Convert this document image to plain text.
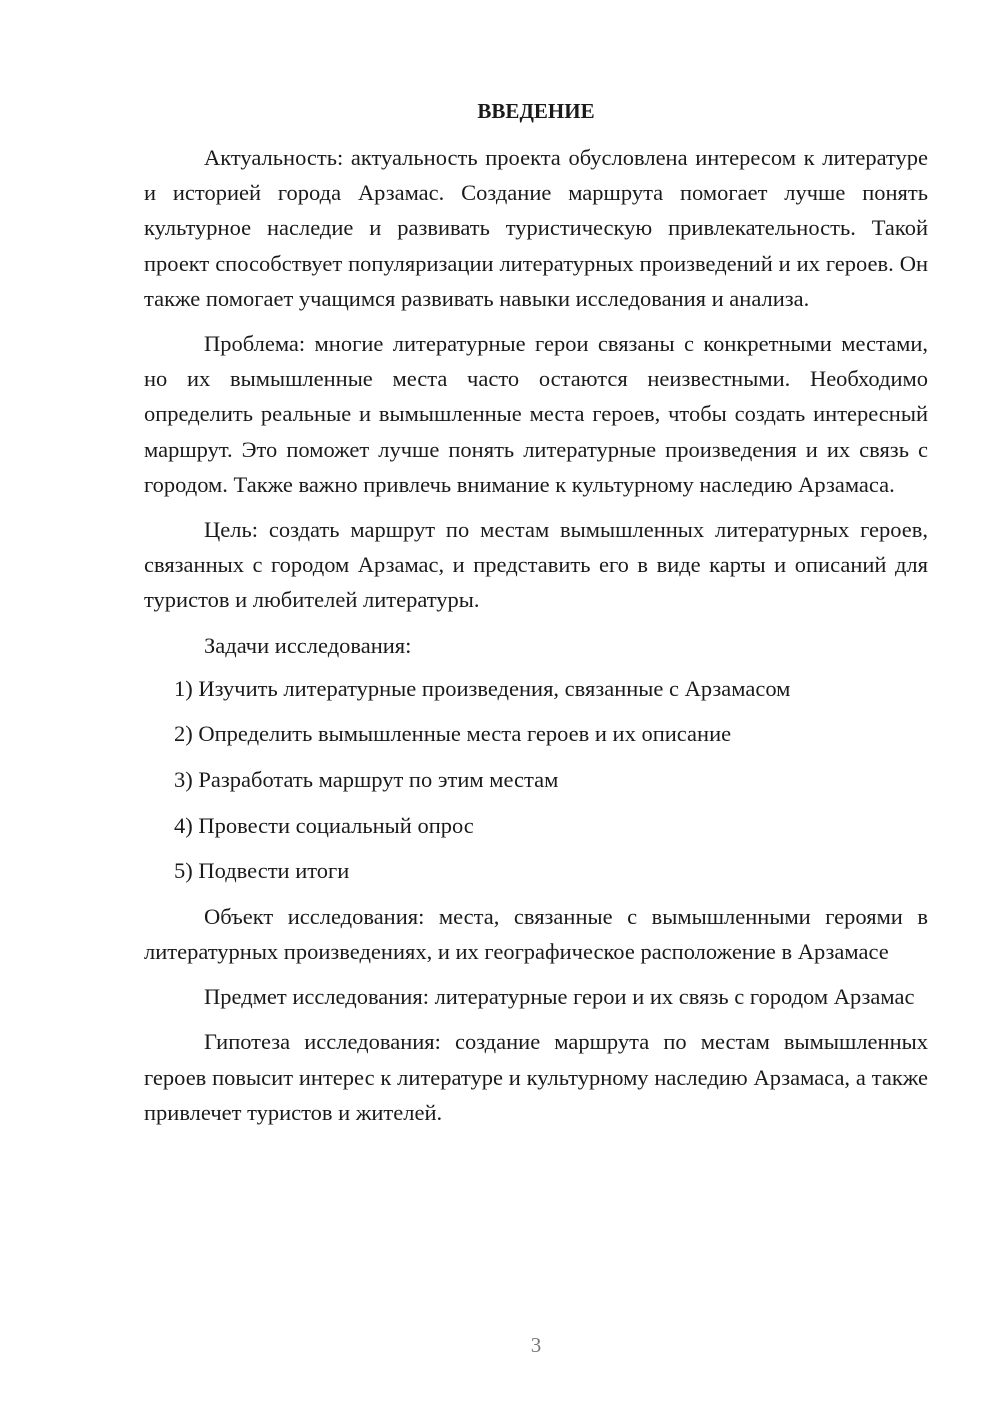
ВВЕДЕНИЕ

Актуальность: актуальность проекта обусловлена интересом к литературе и историей города Арзамас. Создание маршрута помогает лучше понять культурное наследие и развивать туристическую привлекательность. Такой проект способствует популяризации литературных произведений и их героев. Он также помогает учащимся развивать навыки исследования и анализа.

Проблема: многие литературные герои связаны с конкретными местами, но их вымышленные места часто остаются неизвестными. Необходимо определить реальные и вымышленные места героев, чтобы создать интересный маршрут. Это поможет лучше понять литературные произведения и их связь с городом. Также важно привлечь внимание к культурному наследию Арзамаса.

Цель: создать маршрут по местам вымышленных литературных героев, связанных с городом Арзамас, и представить его в виде карты и описаний для туристов и любителей литературы.

Задачи исследования:

1) Изучить литературные произведения, связанные с Арзамасом
2) Определить вымышленные места героев и их описание
3) Разработать маршрут по этим местам
4) Провести социальный опрос
5) Подвести итоги

Объект исследования: места, связанные с вымышленными героями в литературных произведениях, и их географическое расположение в Арзамасе

Предмет исследования: литературные герои и их связь с городом Арзамас

Гипотеза исследования: создание маршрута по местам вымышленных героев повысит интерес к литературе и культурному наследию Арзамаса, а также привлечет туристов и жителей.

3
